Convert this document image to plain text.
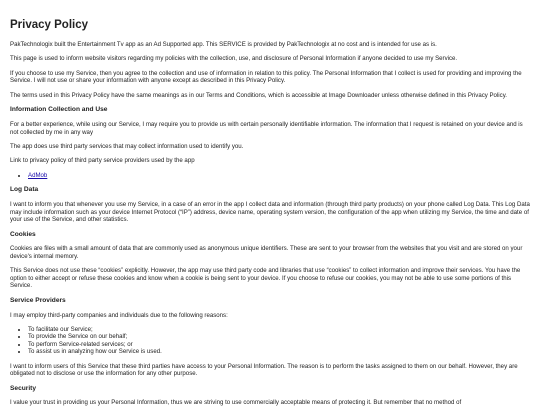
Privacy Policy

PakTechnologix built the Entertainment Tv app as an Ad Supported app. This SERVICE is provided by PakTechnologix at no cost and is intended for use as is.

This page is used to inform website visitors regarding my policies with the collection, use, and disclosure of Personal Information if anyone decided to use my Service.

If you choose to use my Service, then you agree to the collection and use of information in relation to this policy. The Personal Information that I collect is used for providing and improving the Service. I will not use or share your information with anyone except as described in this Privacy Policy.

The terms used in this Privacy Policy have the same meanings as in our Terms and Conditions, which is accessible at Image Downloader unless otherwise defined in this Privacy Policy.

Information Collection and Use

For a better experience, while using our Service, I may require you to provide us with certain personally identifiable information. The information that I request is retained on your device and is not collected by me in any way

The app does use third party services that may collect information used to identify you.

Link to privacy policy of third party service providers used by the app

• AdMob
Log Data

I want to inform you that whenever you use my Service, in a case of an error in the app I collect data and information (through third party products) on your phone called Log Data. This Log Data may include information such as your device Internet Protocol (“IP”) address, device name, operating system version, the configuration of the app when utilizing my Service, the time and date of your use of the Service, and other statistics.

Cookies

Cookies are files with a small amount of data that are commonly used as anonymous unique identifiers. These are sent to your browser from the websites that you visit and are stored on your device's internal memory.

This Service does not use these “cookies” explicitly. However, the app may use third party code and libraries that use “cookies” to collect information and improve their services. You have the option to either accept or refuse these cookies and know when a cookie is being sent to your device. If you choose to refuse our cookies, you may not be able to use some portions of this Service.

Service Providers

I may employ third-party companies and individuals due to the following reasons:

• To facilitate our Service;
• To provide the Service on our behalf;
• To perform Service-related services; or
• To assist us in analyzing how our Service is used.

I want to inform users of this Service that these third parties have access to your Personal Information. The reason is to perform the tasks assigned to them on our behalf. However, they are obligated not to disclose or use the information for any other purpose.

Security

I value your trust in providing us your Personal Information, thus we are striving to use commercially acceptable means of protecting it. But remember that no method of
